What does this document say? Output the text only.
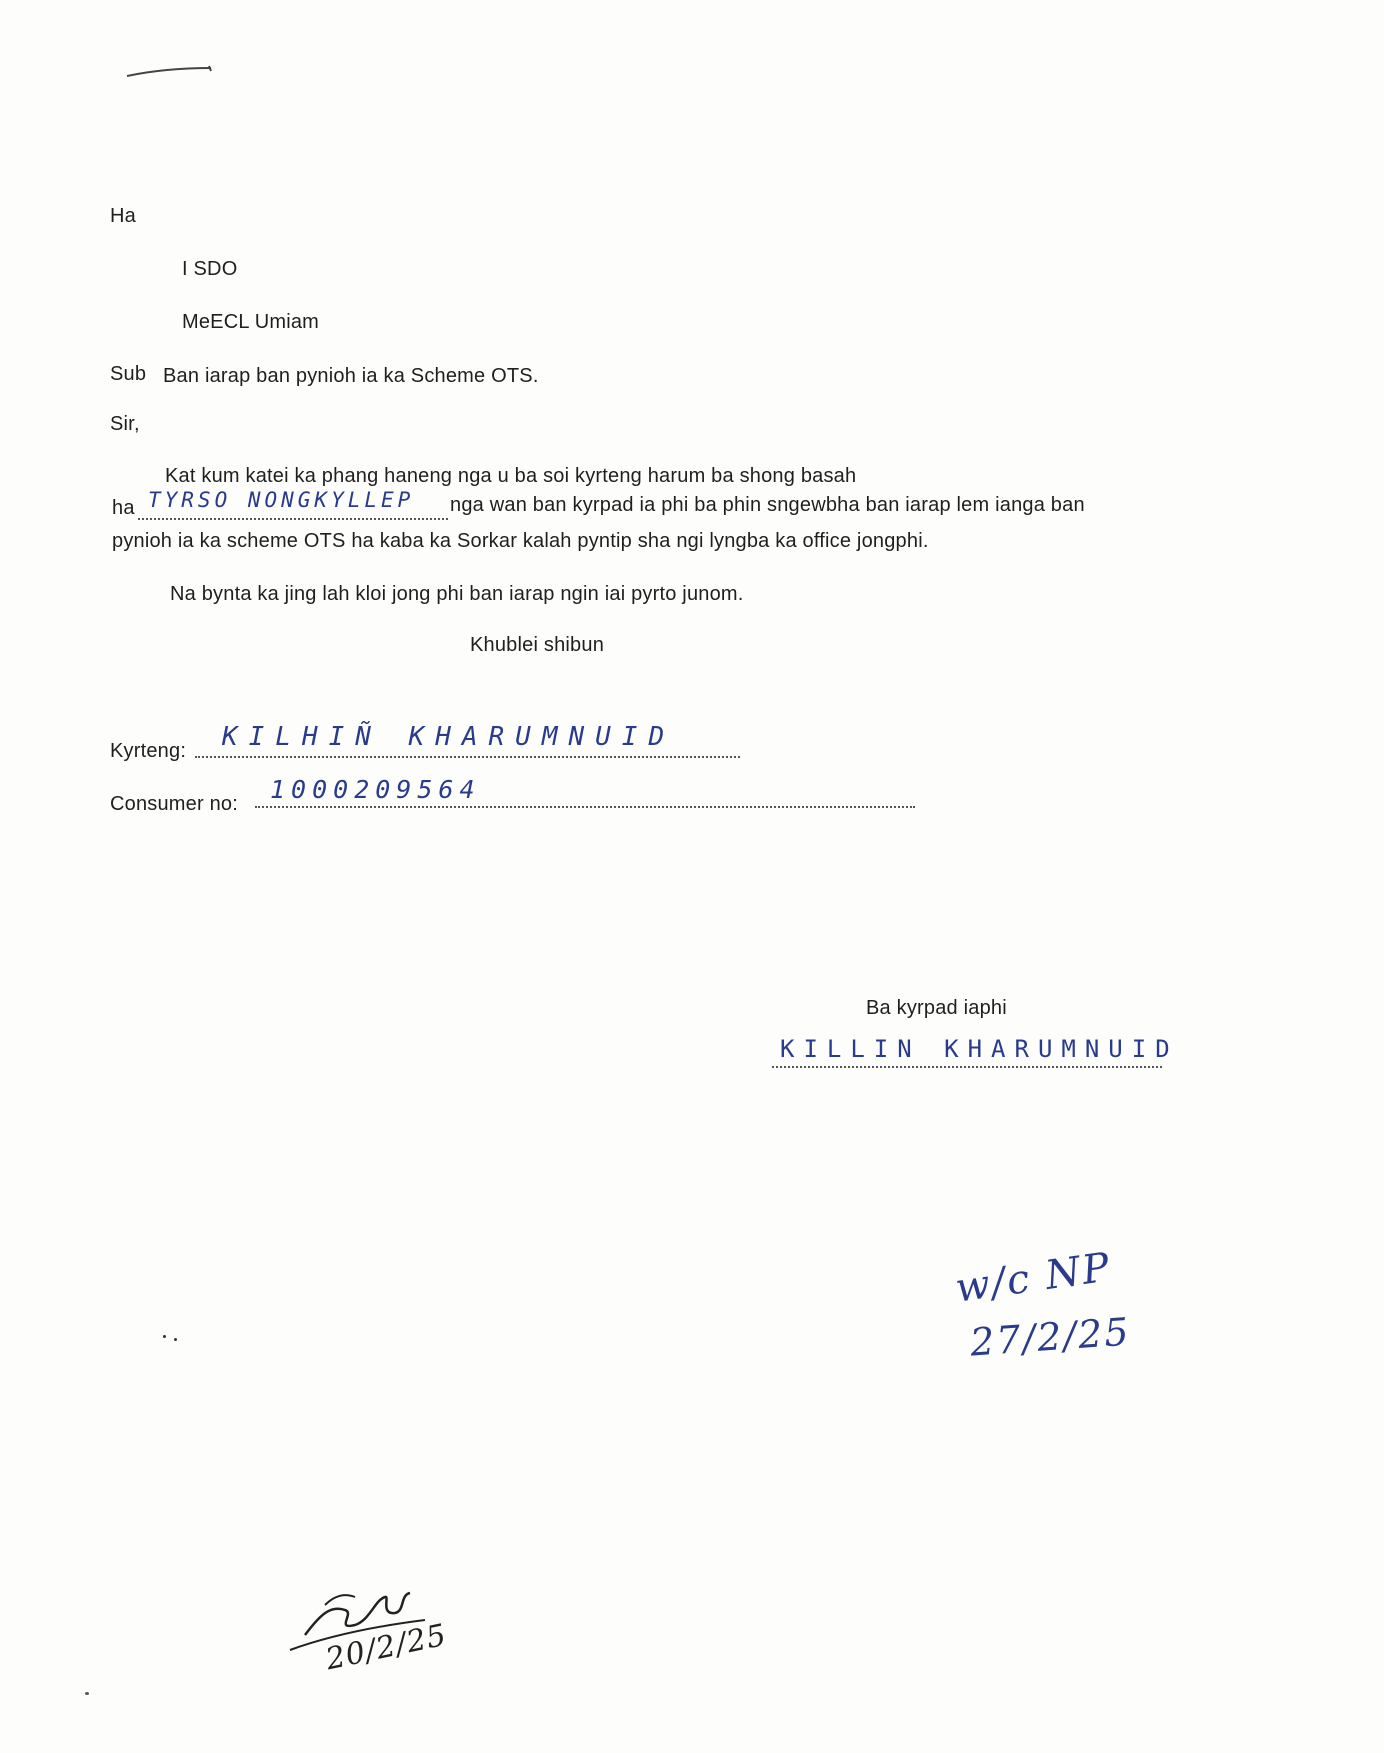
Ha
I SDO
MeECL Umiam
Sub Ban iarap ban pynioh ia ka Scheme OTS.
Sir,
Kat kum katei ka phang haneng nga u ba soi kyrteng harum ba shong basah
ha TYRSO NONGKYLLEP nga wan ban kyrpad ia phi ba phin sngewbha ban iarap lem ianga ban
pynioh ia ka scheme OTS ha kaba ka Sorkar kalah pyntip sha ngi lyngba ka office jongphi.
Na bynta ka jing lah kloi jong phi ban iarap ngin iai pyrto junom.
Khublei shibun
Kyrteng: KILHIÑ KHARUMNUID
Consumer no: 1000209564
Ba kyrpad iaphi
KILLIN KHARUMNUID
w/c NP
27/2/25
20/2/25
